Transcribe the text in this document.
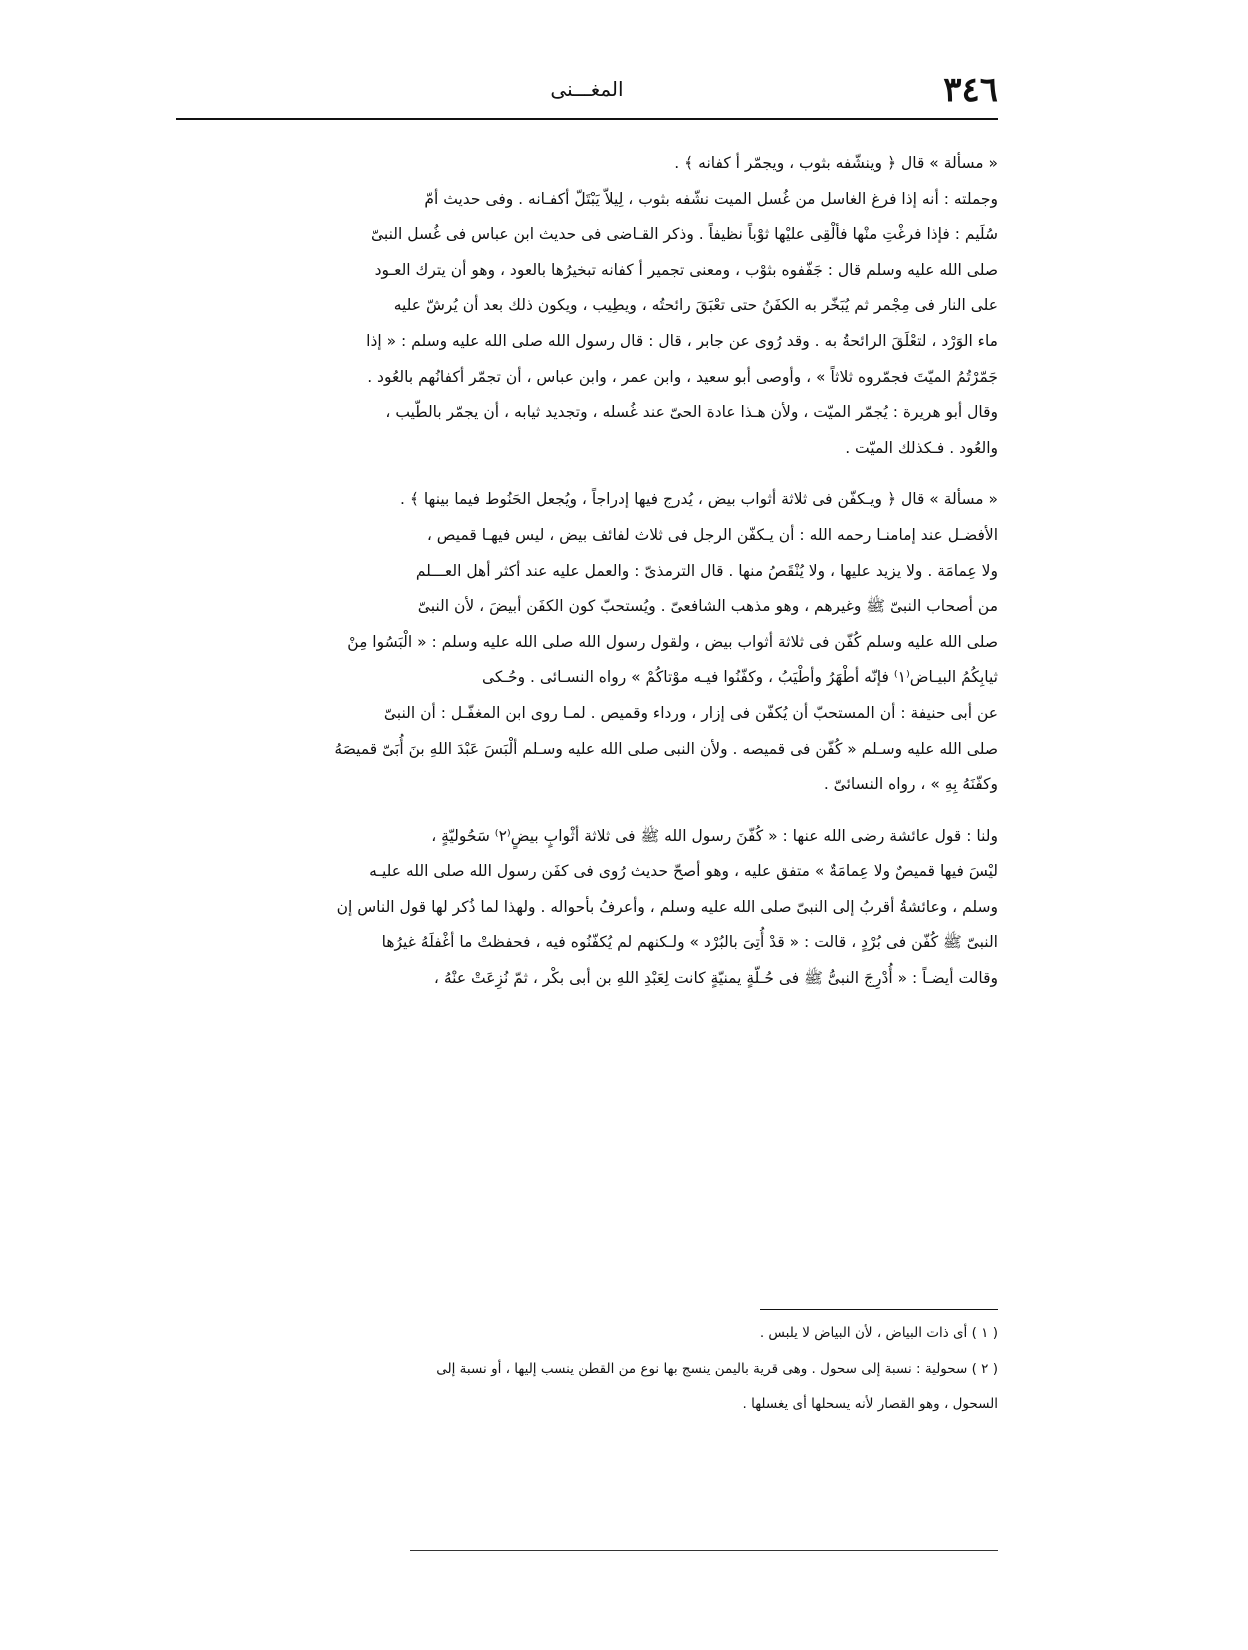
٣٤٦
المغـــنى
« مسألة » قال ﴿ وينشّفه بثوب ، ويجمّر أ كفانه ﴾ .
وجملته : أنه إذا فرغ الغاسل من غُسل الميت نشّفه بثوب ، لِيلاّ يَبْتَلّ أكفـانه . وفى حديث أمّ
سُلَيم : فإذا فرغْتِ منْها فألْقِى عليْها ثوْباً نظيفاً . وذكر القـاضى فى حديث ابن عباس فى غُسل النبىّ
صلى الله عليه وسلم قال : جَفّفوه بثوْب ، ومعنى تجمير أ كفانه تبخيرُها بالعود ، وهو أن يترك العـود
على النار فى مِجْمر ثم يُبَخّر به الكفَنُ حتى تعْبَقَ رائحتُه ، ويطِيب ، ويكون ذلك بعد أن يُرشّ عليه
ماء الوَرْد ، لتعْلَقَ الرائحةُ به . وقد رُوى عن جابر ، قال : قال رسول الله صلى الله عليه وسلم : « إذا
جَمّرْتُمُ الميّتَ فجمّروه ثلاثاً » ، وأوصى أبو سعيد ، وابن عمر ، وابن عباس ، أن تجمّر أكفانُهم بالعُود .
وقال أبو هريرة : يُجمّر الميّت ، ولأن هـذا عادة الحىّ عند غُسله ، وتجديد ثيابه ، أن يجمّر بالطّيب ،
والعُود . فـكذلك الميّت .
« مسألة » قال ﴿ ويـكفّن فى ثلاثة أثواب بيض ، يُدرج فيها إدراجاً ، ويُجعل الحَنُوط فيما بينها ﴾ .
الأفضـل عند إمامنـا رحمه الله : أن يـكفّن الرجل فى ثلاث لفائف بيض ، ليس فيهـا قميص ،
ولا عِمامَة . ولا يزيد عليها ، ولا يُنْقَصُ منها . قال الترمذىّ : والعمل عليه عند أكثر أهل العـــلم
من أصحاب النبىّ ﷺ وغيرهم ، وهو مذهب الشافعىّ . ويُستحبّ كون الكفَن أبيضَ ، لأن النبىّ
صلى الله عليه وسلم كُفّن فى ثلاثة أثواب بيض ، ولقول رسول الله صلى الله عليه وسلم : « الْبَسُوا مِنْ
ثيابِكُمُ البيـاض⁽١⁾ فإنّه أطْهَرُ وأطْيَبُ ، وكفّنُوا فيـه موْتاكُمْ » رواه النسـائى . وحُـكى
عن أبى حنيفة : أن المستحبّ أن يُكفّن فى إزار ، ورداء وقميص . لمـا روى ابن المغفّـل : أن النبىّ
صلى الله عليه وسـلم « كُفّن فى قميصه . ولأن النبى صلى الله عليه وسـلم ألْبَسَ عَبْدَ اللهِ بنَ أُبَىّ قميصَهُ
وكفّنَهُ بِهِ » ، رواه النسائىّ .
ولنا : قول عائشة رضى الله عنها : « كُفّنَ رسول الله ﷺ فى ثلاثة أثْوابٍ بيضٍ⁽٢⁾ سَحُوليّةٍ ،
ليْسَ فيها قميصٌ ولا عِمامَةٌ » متفق عليه ، وهو أصحّ حديث رُوى فى كفَن رسول الله صلى الله عليـه
وسلم ، وعائشةُ أقربُ إلى النبىّ صلى الله عليه وسلم ، وأعرفُ بأحواله . ولهذا لما ذُكر لها قول الناس إن
النبىّ ﷺ كُفّن فى بُرْدٍ ، قالت : « قدْ أُتِىَ بالبُرْد » ولـكنهم لم يُكفّنُوه فيه ، فحفظتْ ما أغْفلَهُ غيرُها
وقالت أيضـاً : « أُدْرِجَ النبىُّ ﷺ فى حُـلّةٍ يمنيّةٍ كانت لِعَبْدِ اللهِ بن أبى بكْر ، ثمّ نُزِعَتْ عنْهُ ،
( ١ ) أى ذات البياض ، لأن البياض لا يلبس .
( ٢ ) سحولية : نسبة إلى سحول . وهى قرية باليمن ينسج بها نوع من القطن ينسب إليها ، أو نسبة إلى
السحول ، وهو القصار لأنه يسحلها أى يغسلها .
